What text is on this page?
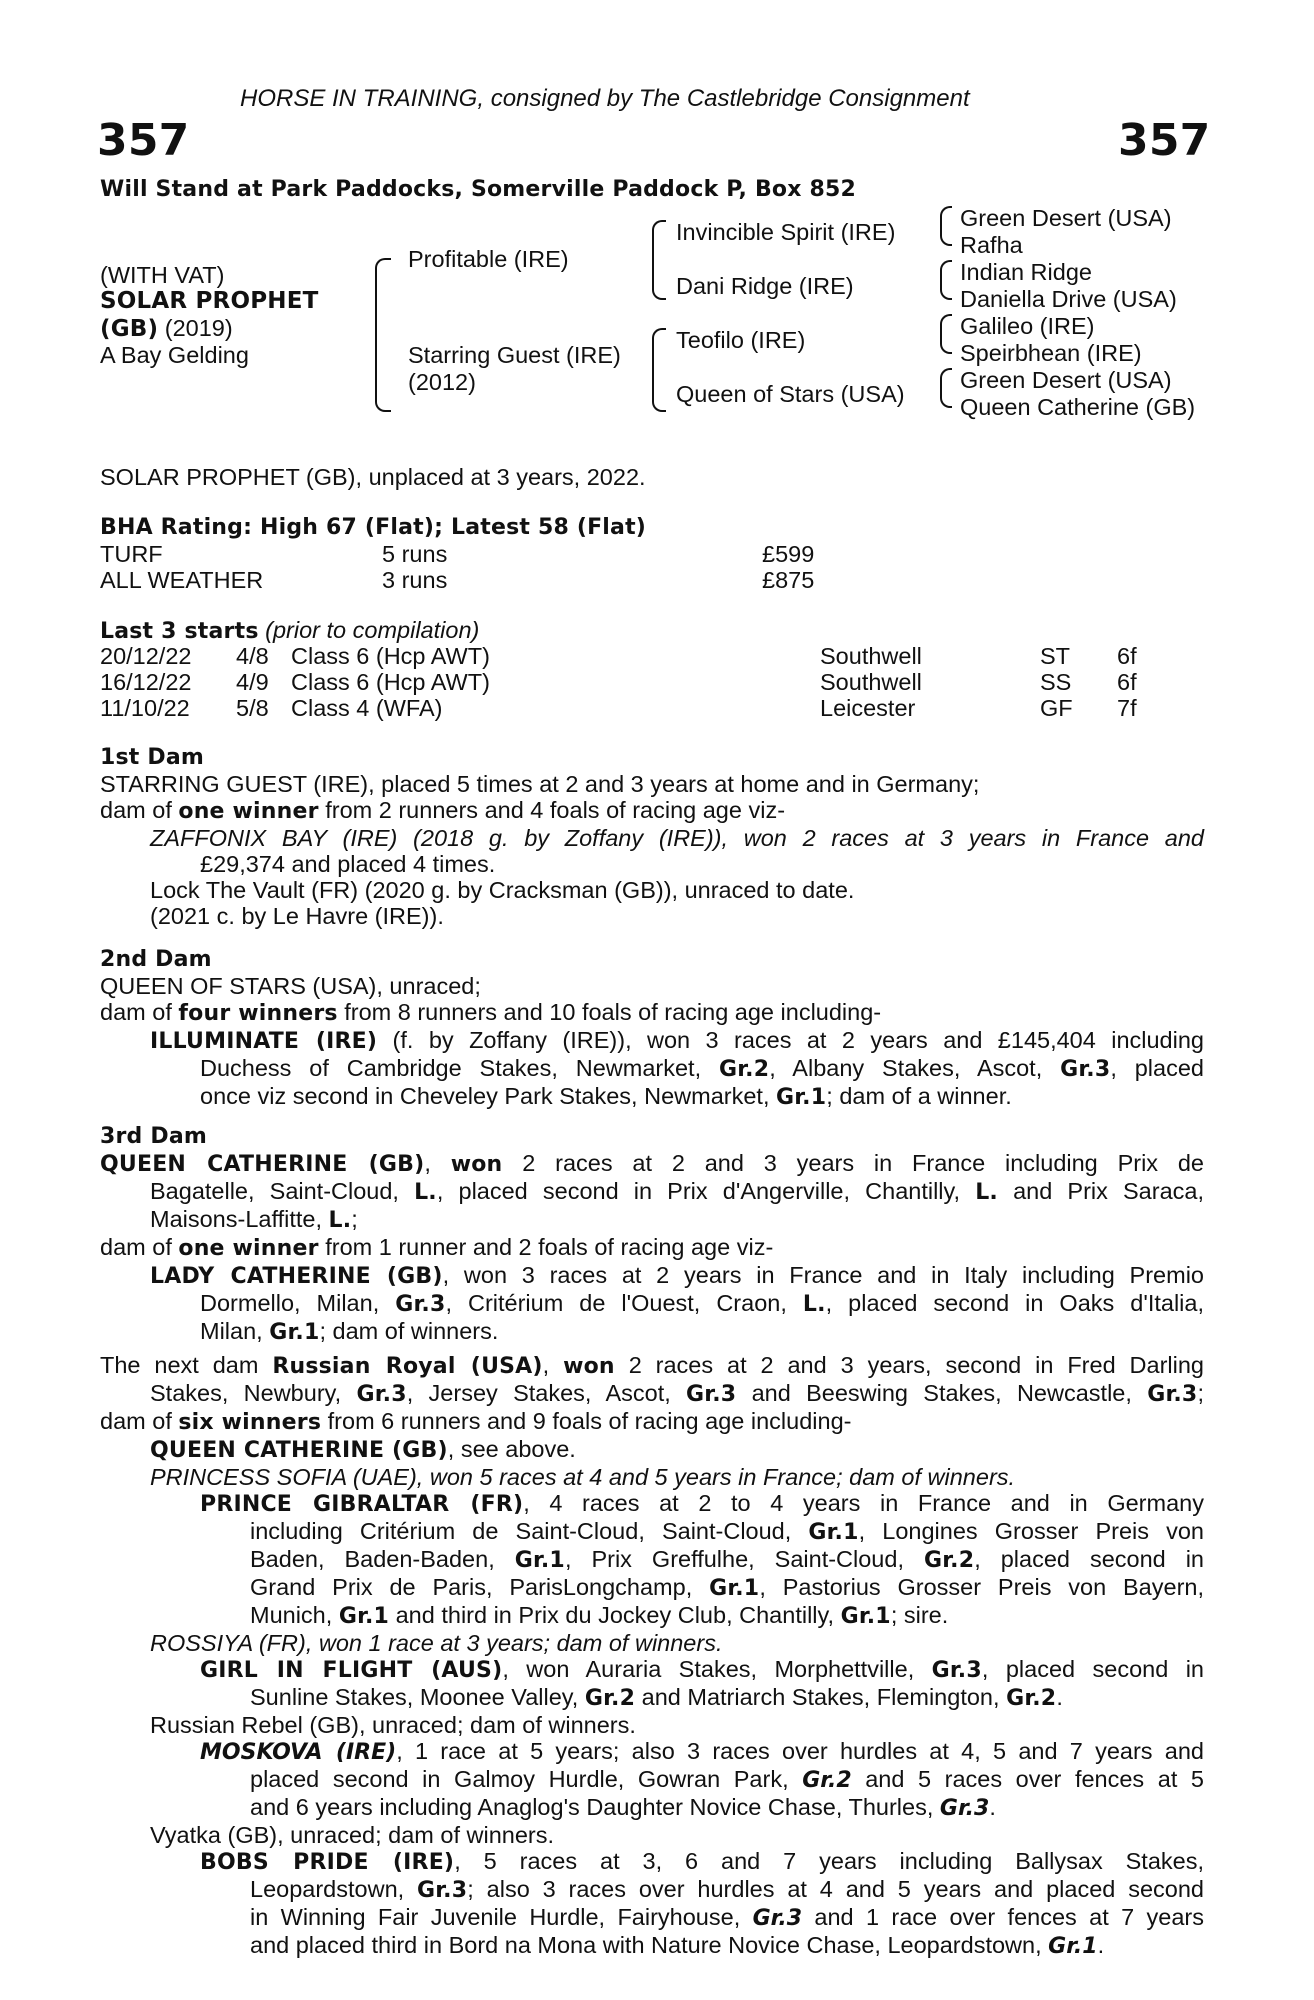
HORSE IN TRAINING, consigned by The Castlebridge Consignment
357	357
Will Stand at Park Paddocks, Somerville Paddock P, Box 852
(WITH VAT)
SOLAR PROPHET
(GB) (2019)
A Bay Gelding
Profitable (IRE)
Starring Guest (IRE)
(2012)
Invincible Spirit (IRE)
Dani Ridge (IRE)
Teofilo (IRE)
Queen of Stars (USA)
Green Desert (USA)
Rafha
Indian Ridge
Daniella Drive (USA)
Galileo (IRE)
Speirbhean (IRE)
Green Desert (USA)
Queen Catherine (GB)
SOLAR PROPHET (GB), unplaced at 3 years, 2022.
BHA Rating: High 67 (Flat); Latest 58 (Flat)
TURF	5 runs	£599
ALL WEATHER	3 runs	£875
Last 3 starts (prior to compilation)
20/12/22 4/8 Class 6 (Hcp AWT)	Southwell	ST 6f
16/12/22 4/9 Class 6 (Hcp AWT)	Southwell	SS 6f
11/10/22 5/8 Class 4 (WFA)	Leicester	GF 7f
1st Dam
STARRING GUEST (IRE), placed 5 times at 2 and 3 years at home and in Germany;
dam of one winner from 2 runners and 4 foals of racing age viz-
ZAFFONIX BAY (IRE) (2018 g. by Zoffany (IRE)), won 2 races at 3 years in France and
£29,374 and placed 4 times.
Lock The Vault (FR) (2020 g. by Cracksman (GB)), unraced to date.
(2021 c. by Le Havre (IRE)).
2nd Dam
QUEEN OF STARS (USA), unraced;
dam of four winners from 8 runners and 10 foals of racing age including-
ILLUMINATE (IRE) (f. by Zoffany (IRE)), won 3 races at 2 years and £145,404 including
Duchess of Cambridge Stakes, Newmarket, Gr.2, Albany Stakes, Ascot, Gr.3, placed
once viz second in Cheveley Park Stakes, Newmarket, Gr.1; dam of a winner.
3rd Dam
QUEEN CATHERINE (GB), won 2 races at 2 and 3 years in France including Prix de
Bagatelle, Saint-Cloud, L., placed second in Prix d'Angerville, Chantilly, L. and Prix Saraca,
Maisons-Laffitte, L.;
dam of one winner from 1 runner and 2 foals of racing age viz-
LADY CATHERINE (GB), won 3 races at 2 years in France and in Italy including Premio
Dormello, Milan, Gr.3, Critérium de l'Ouest, Craon, L., placed second in Oaks d'Italia,
Milan, Gr.1; dam of winners.
The next dam Russian Royal (USA), won 2 races at 2 and 3 years, second in Fred Darling
Stakes, Newbury, Gr.3, Jersey Stakes, Ascot, Gr.3 and Beeswing Stakes, Newcastle, Gr.3;
dam of six winners from 6 runners and 9 foals of racing age including-
QUEEN CATHERINE (GB), see above.
PRINCESS SOFIA (UAE), won 5 races at 4 and 5 years in France; dam of winners.
PRINCE GIBRALTAR (FR), 4 races at 2 to 4 years in France and in Germany
including Critérium de Saint-Cloud, Saint-Cloud, Gr.1, Longines Grosser Preis von
Baden, Baden-Baden, Gr.1, Prix Greffulhe, Saint-Cloud, Gr.2, placed second in
Grand Prix de Paris, ParisLongchamp, Gr.1, Pastorius Grosser Preis von Bayern,
Munich, Gr.1 and third in Prix du Jockey Club, Chantilly, Gr.1; sire.
ROSSIYA (FR), won 1 race at 3 years; dam of winners.
GIRL IN FLIGHT (AUS), won Auraria Stakes, Morphettville, Gr.3, placed second in
Sunline Stakes, Moonee Valley, Gr.2 and Matriarch Stakes, Flemington, Gr.2.
Russian Rebel (GB), unraced; dam of winners.
MOSKOVA (IRE), 1 race at 5 years; also 3 races over hurdles at 4, 5 and 7 years and
placed second in Galmoy Hurdle, Gowran Park, Gr.2 and 5 races over fences at 5
and 6 years including Anaglog's Daughter Novice Chase, Thurles, Gr.3.
Vyatka (GB), unraced; dam of winners.
BOBS PRIDE (IRE), 5 races at 3, 6 and 7 years including Ballysax Stakes,
Leopardstown, Gr.3; also 3 races over hurdles at 4 and 5 years and placed second
in Winning Fair Juvenile Hurdle, Fairyhouse, Gr.3 and 1 race over fences at 7 years
and placed third in Bord na Mona with Nature Novice Chase, Leopardstown, Gr.1.
